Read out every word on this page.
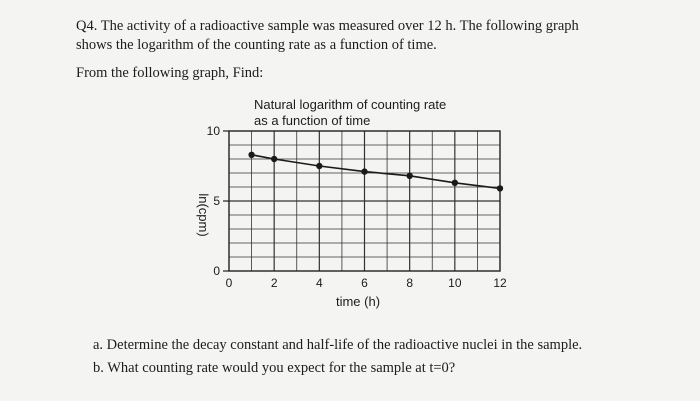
Q4. The activity of a radioactive sample was measured over 12 h. The following graph
shows the logarithm of the counting rate as a function of time.
From the following graph, Find:
Natural logarithm of counting rate
as a function of time
ln(cpm)
time (h)
0
5
10
0	2	4	6	8	10	12
a. Determine the decay constant and half-life of the radioactive nuclei in the sample.
b. What counting rate would you expect for the sample at t=0?
